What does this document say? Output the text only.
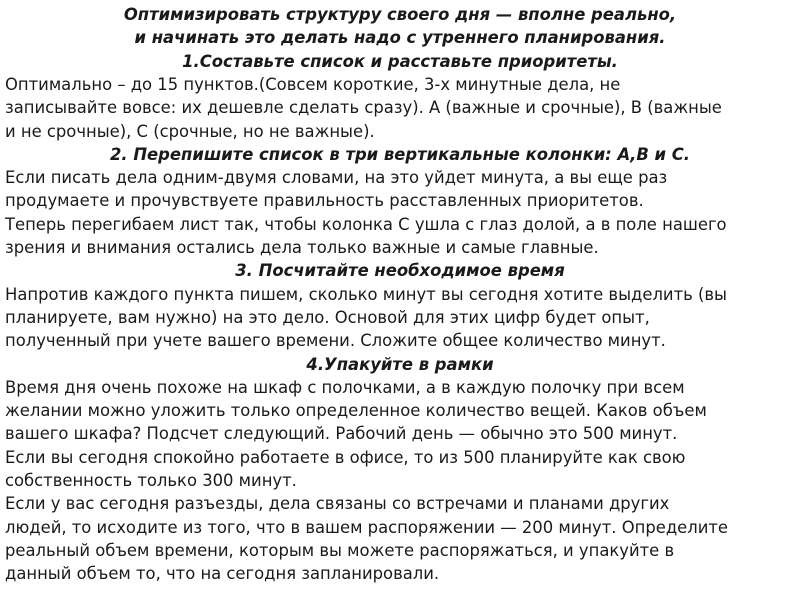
Оптимизировать структуру своего дня — вполне реально,
и начинать это делать надо с утреннего планирования.
1.Составьте список и расставьте приоритеты.
Оптимально – до 15 пунктов.(Совсем короткие, 3-х минутные дела, не
записывайте вовсе: их дешевле сделать сразу). А (важные и срочные), В (важные
и не срочные), С (срочные, но не важные).
2. Перепишите список в три вертикальные колонки: А,В и С.
Если писать дела одним-двумя словами, на это уйдет минута, а вы еще раз
продумаете и прочувствуете правильность расставленных приоритетов.
Теперь перегибаем лист так, чтобы колонка С ушла с глаз долой, а в поле нашего
зрения и внимания остались дела только важные и самые главные.
3. Посчитайте необходимое время
Напротив каждого пункта пишем, сколько минут вы сегодня хотите выделить (вы
планируете, вам нужно) на это дело. Основой для этих цифр будет опыт,
полученный при учете вашего времени. Сложите общее количество минут.
4.Упакуйте в рамки
Время дня очень похоже на шкаф с полочками, а в каждую полочку при всем
желании можно уложить только определенное количество вещей. Каков объем
вашего шкафа? Подсчет следующий. Рабочий день — обычно это 500 минут.
Если вы сегодня спокойно работаете в офисе, то из 500 планируйте как свою
собственность только 300 минут.
Если у вас сегодня разъезды, дела связаны со встречами и планами других
людей, то исходите из того, что в вашем распоряжении — 200 минут. Определите
реальный объем времени, которым вы можете распоряжаться, и упакуйте в
данный объем то, что на сегодня запланировали.
